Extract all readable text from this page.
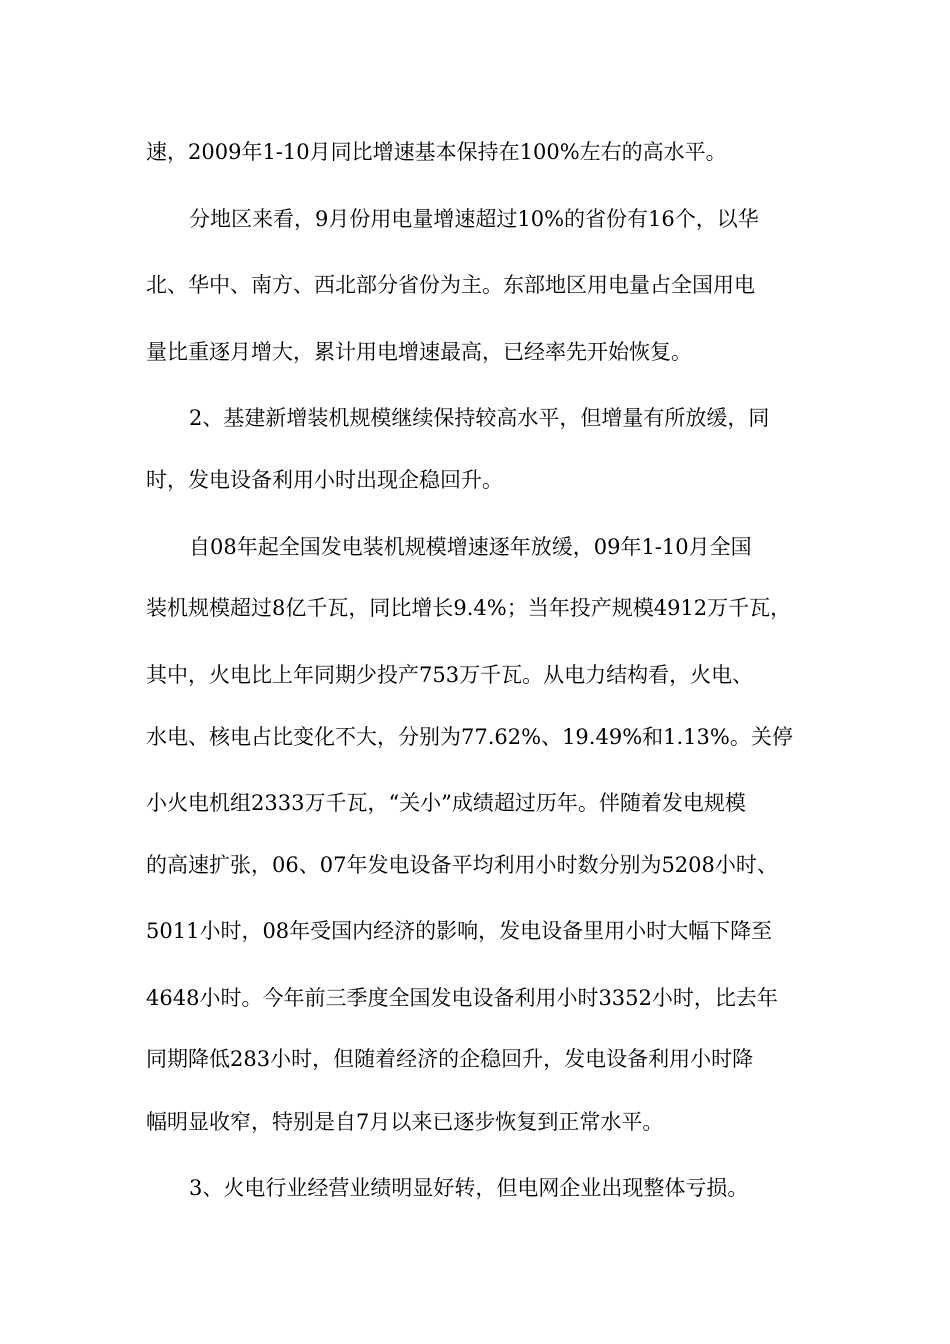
速，2009年1-10月同比增速基本保持在100%左右的高水平。
分地区来看，9月份用电量增速超过10%的省份有16个，以华
北、华中、南方、西北部分省份为主。东部地区用电量占全国用电
量比重逐月增大，累计用电增速最高，已经率先开始恢复。
2、基建新增装机规模继续保持较高水平，但增量有所放缓，同
时，发电设备利用小时出现企稳回升。
自08年起全国发电装机规模增速逐年放缓，09年1-10月全国
装机规模超过8亿千瓦，同比增长9.4%；当年投产规模4912万千瓦，
其中，火电比上年同期少投产753万千瓦。从电力结构看，火电、
水电、核电占比变化不大，分别为77.62%、19.49%和1.13%。关停
小火电机组2333万千瓦，“关小”成绩超过历年。伴随着发电规模
的高速扩张，06、07年发电设备平均利用小时数分别为5208小时、
5011小时，08年受国内经济的影响，发电设备里用小时大幅下降至
4648小时。今年前三季度全国发电设备利用小时3352小时，比去年
同期降低283小时，但随着经济的企稳回升，发电设备利用小时降
幅明显收窄，特别是自7月以来已逐步恢复到正常水平。
3、火电行业经营业绩明显好转，但电网企业出现整体亏损。
